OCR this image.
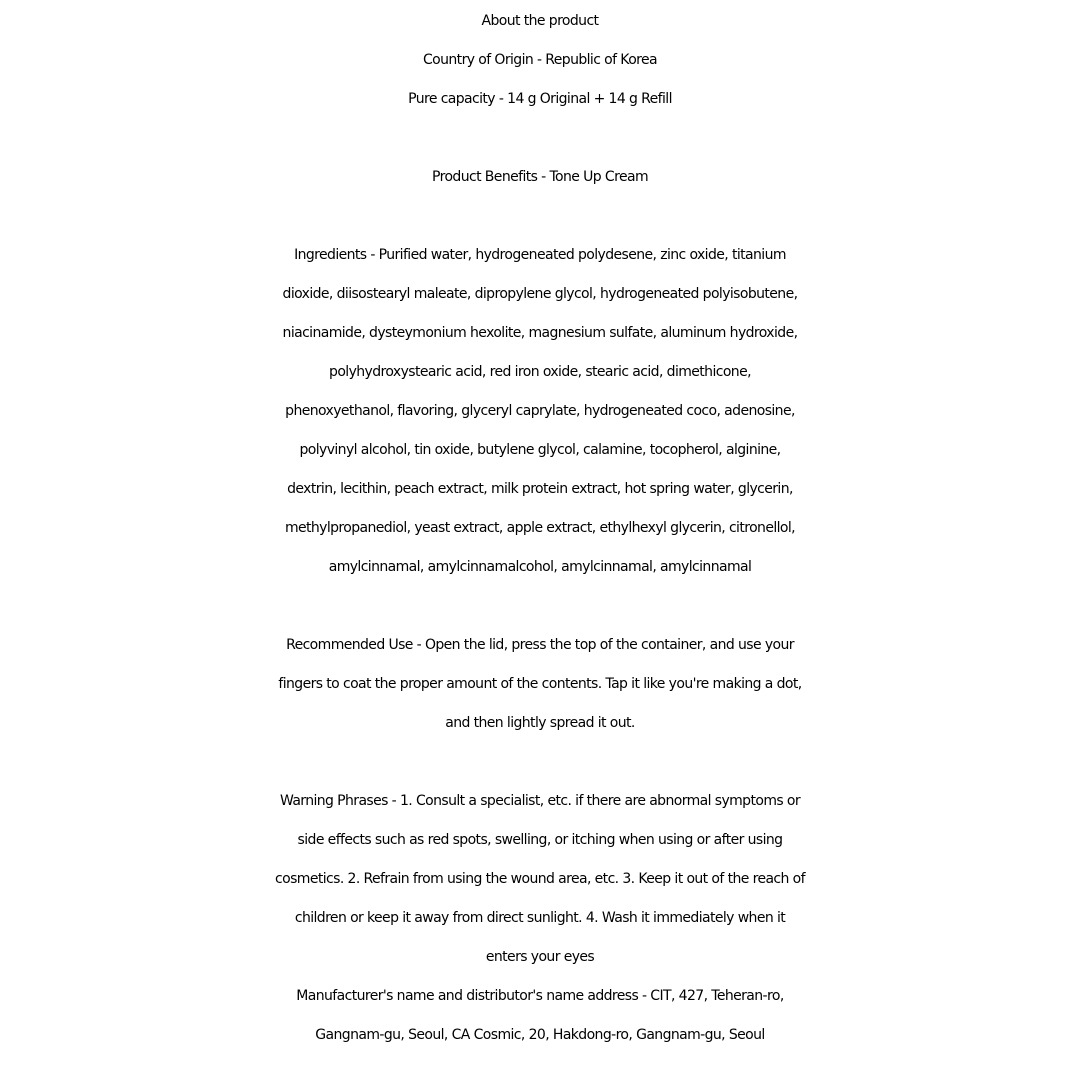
About the product
Country of Origin - Republic of Korea
Pure capacity - 14 g Original + 14 g Refill
Product Benefits - Tone Up Cream
Ingredients - Purified water, hydrogeneated polydesene, zinc oxide, titanium
dioxide, diisostearyl maleate, dipropylene glycol, hydrogeneated polyisobutene,
niacinamide, dysteymonium hexolite, magnesium sulfate, aluminum hydroxide,
polyhydroxystearic acid, red iron oxide, stearic acid, dimethicone,
phenoxyethanol, flavoring, glyceryl caprylate, hydrogeneated coco, adenosine,
polyvinyl alcohol, tin oxide, butylene glycol, calamine, tocopherol, alginine,
dextrin, lecithin, peach extract, milk protein extract, hot spring water, glycerin,
methylpropanediol, yeast extract, apple extract, ethylhexyl glycerin, citronellol,
amylcinnamal, amylcinnamalcohol, amylcinnamal, amylcinnamal
Recommended Use - Open the lid, press the top of the container, and use your
fingers to coat the proper amount of the contents. Tap it like you're making a dot,
and then lightly spread it out.
Warning Phrases - 1. Consult a specialist, etc. if there are abnormal symptoms or
side effects such as red spots, swelling, or itching when using or after using
cosmetics. 2. Refrain from using the wound area, etc. 3. Keep it out of the reach of
children or keep it away from direct sunlight. 4. Wash it immediately when it
enters your eyes
Manufacturer's name and distributor's name address - CIT, 427, Teheran-ro,
Gangnam-gu, Seoul, CA Cosmic, 20, Hakdong-ro, Gangnam-gu, Seoul
